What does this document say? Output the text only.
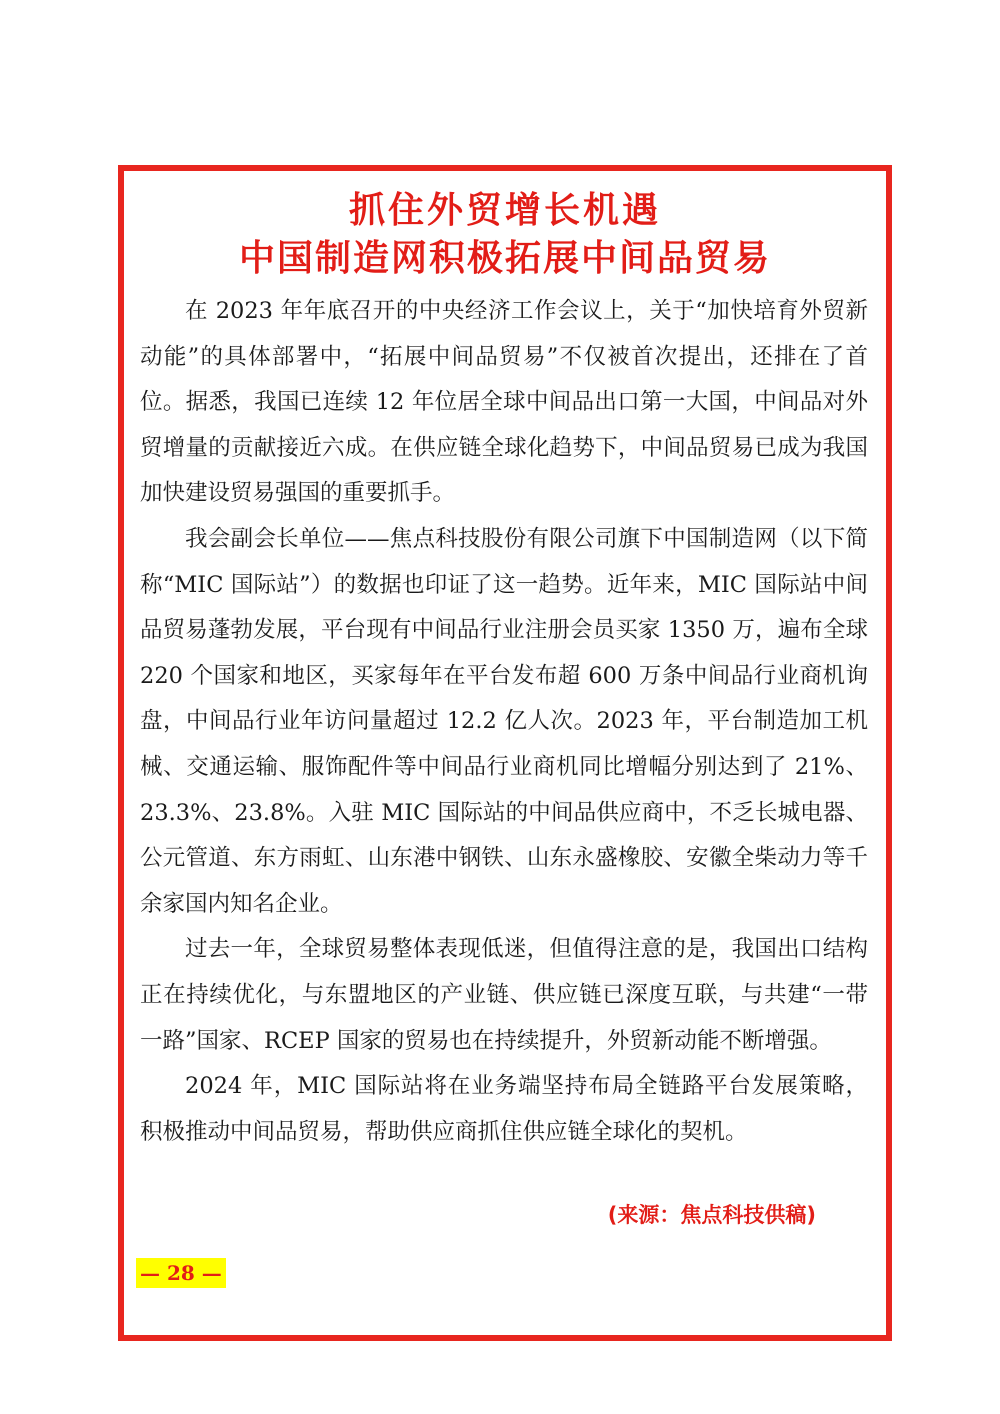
抓住外贸增长机遇
中国制造网积极拓展中间品贸易

在 2023 年年底召开的中央经济工作会议上，关于“加快培育外贸新动能”的具体部署中，“拓展中间品贸易”不仅被首次提出，还排在了首位。据悉，我国已连续 12 年位居全球中间品出口第一大国，中间品对外贸增量的贡献接近六成。在供应链全球化趋势下，中间品贸易已成为我国加快建设贸易强国的重要抓手。

我会副会长单位——焦点科技股份有限公司旗下中国制造网（以下简称“MIC 国际站”）的数据也印证了这一趋势。近年来，MIC 国际站中间品贸易蓬勃发展，平台现有中间品行业注册会员买家 1350 万，遍布全球 220 个国家和地区，买家每年在平台发布超 600 万条中间品行业商机询盘，中间品行业年访问量超过 12.2 亿人次。2023 年，平台制造加工机械、交通运输、服饰配件等中间品行业商机同比增幅分别达到了 21%、23.3%、23.8%。入驻 MIC 国际站的中间品供应商中，不乏长城电器、公元管道、东方雨虹、山东港中钢铁、山东永盛橡胶、安徽全柴动力等千余家国内知名企业。

过去一年，全球贸易整体表现低迷，但值得注意的是，我国出口结构正在持续优化，与东盟地区的产业链、供应链已深度互联，与共建“一带一路”国家、RCEP 国家的贸易也在持续提升，外贸新动能不断增强。

2024 年，MIC 国际站将在业务端坚持布局全链路平台发展策略，积极推动中间品贸易，帮助供应商抓住供应链全球化的契机。

(来源：焦点科技供稿)
— 28 —
